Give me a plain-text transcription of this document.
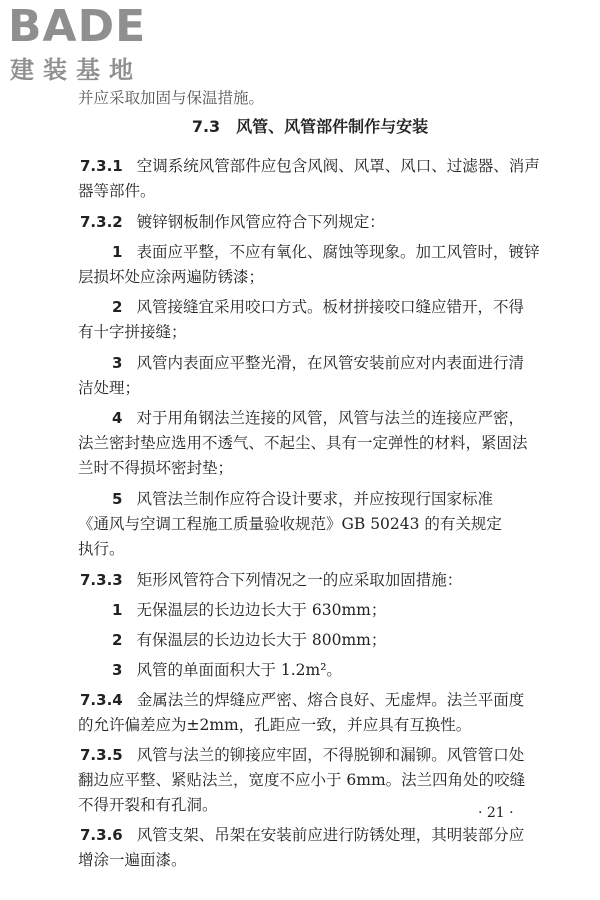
BADE
建装基地
并应采取加固与保温措施。
7.3　风管、风管部件制作与安装
7.3.1 空调系统风管部件应包含风阀、风罩、风口、过滤器、消声
器等部件。
7.3.2 镀锌钢板制作风管应符合下列规定：
1 表面应平整，不应有氧化、腐蚀等现象。加工风管时，镀锌
层损坏处应涂两遍防锈漆；
2 风管接缝宜采用咬口方式。板材拼接咬口缝应错开，不得
有十字拼接缝；
3 风管内表面应平整光滑，在风管安装前应对内表面进行清
洁处理；
4 对于用角钢法兰连接的风管，风管与法兰的连接应严密，
法兰密封垫应选用不透气、不起尘、具有一定弹性的材料，紧固法
兰时不得损坏密封垫；
5 风管法兰制作应符合设计要求，并应按现行国家标准
《通风与空调工程施工质量验收规范》GB 50243 的有关规定
执行。
7.3.3 矩形风管符合下列情况之一的应采取加固措施：
1 无保温层的长边边长大于 630mm；
2 有保温层的长边边长大于 800mm；
3 风管的单面面积大于 1.2m²。
7.3.4 金属法兰的焊缝应严密、熔合良好、无虚焊。法兰平面度
的允许偏差应为±2mm，孔距应一致，并应具有互换性。
7.3.5 风管与法兰的铆接应牢固，不得脱铆和漏铆。风管管口处
翻边应平整、紧贴法兰，宽度不应小于 6mm。法兰四角处的咬缝
不得开裂和有孔洞。
7.3.6 风管支架、吊架在安装前应进行防锈处理，其明装部分应
增涂一遍面漆。
· 21 ·
